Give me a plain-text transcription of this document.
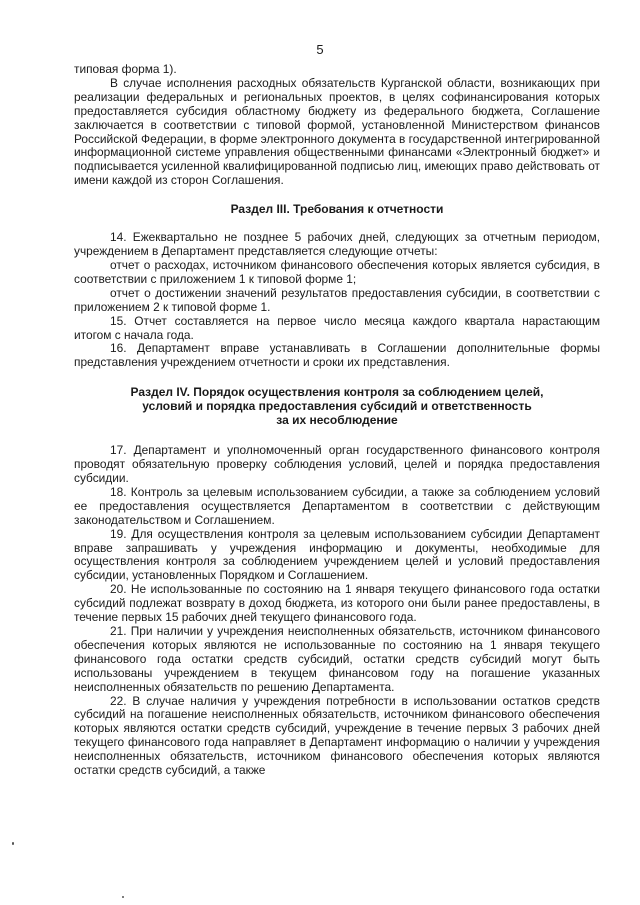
5

типовая форма 1).

В случае исполнения расходных обязательств Курганской области, возникающих при реализации федеральных и региональных проектов, в целях софинансирования которых предоставляется субсидия областному бюджету из федерального бюджета, Соглашение заключается в соответствии с типовой формой, установленной Министерством финансов Российской Федерации, в форме электронного документа в государственной интегрированной информационной системе управления общественными финансами «Электронный бюджет» и подписывается усиленной квалифицированной подписью лиц, имеющих право действовать от имени каждой из сторон Соглашения.

Раздел III. Требования к отчетности

14. Ежеквартально не позднее 5 рабочих дней, следующих за отчетным периодом, учреждением в Департамент представляется следующие отчеты:

отчет о расходах, источником финансового обеспечения которых является субсидия, в соответствии с приложением 1 к типовой форме 1;

отчет о достижении значений результатов предоставления субсидии, в соответствии с приложением 2 к типовой форме 1.

15. Отчет составляется на первое число месяца каждого квартала нарастающим итогом с начала года.

16. Департамент вправе устанавливать в Соглашении дополнительные формы представления учреждением отчетности и сроки их представления.

Раздел IV. Порядок осуществления контроля за соблюдением целей,
условий и порядка предоставления субсидий и ответственность
за их несоблюдение

17. Департамент и уполномоченный орган государственного финансового контроля проводят обязательную проверку соблюдения условий, целей и порядка предоставления субсидии.

18. Контроль за целевым использованием субсидии, а также за соблюдением условий ее предоставления осуществляется Департаментом в соответствии с действующим законодательством и Соглашением.

19. Для осуществления контроля за целевым использованием субсидии Департамент вправе запрашивать у учреждения информацию и документы, необходимые для осуществления контроля за соблюдением учреждением целей и условий предоставления субсидии, установленных Порядком и Соглашением.

20. Не использованные по состоянию на 1 января текущего финансового года остатки субсидий подлежат возврату в доход бюджета, из которого они были ранее предоставлены, в течение первых 15 рабочих дней текущего финансового года.

21. При наличии у учреждения неисполненных обязательств, источником финансового обеспечения которых являются не использованные по состоянию на 1 января текущего финансового года остатки средств субсидий, остатки средств субсидий могут быть использованы учреждением в текущем финансовом году на погашение указанных неисполненных обязательств по решению Департамента.

22. В случае наличия у учреждения потребности в использовании остатков средств субсидий на погашение неисполненных обязательств, источником финансового обеспечения которых являются остатки средств субсидий, учреждение в течение первых 3 рабочих дней текущего финансового года направляет в Департамент информацию о наличии у учреждения неисполненных обязательств, источником финансового обеспечения которых являются остатки средств субсидий, а также
